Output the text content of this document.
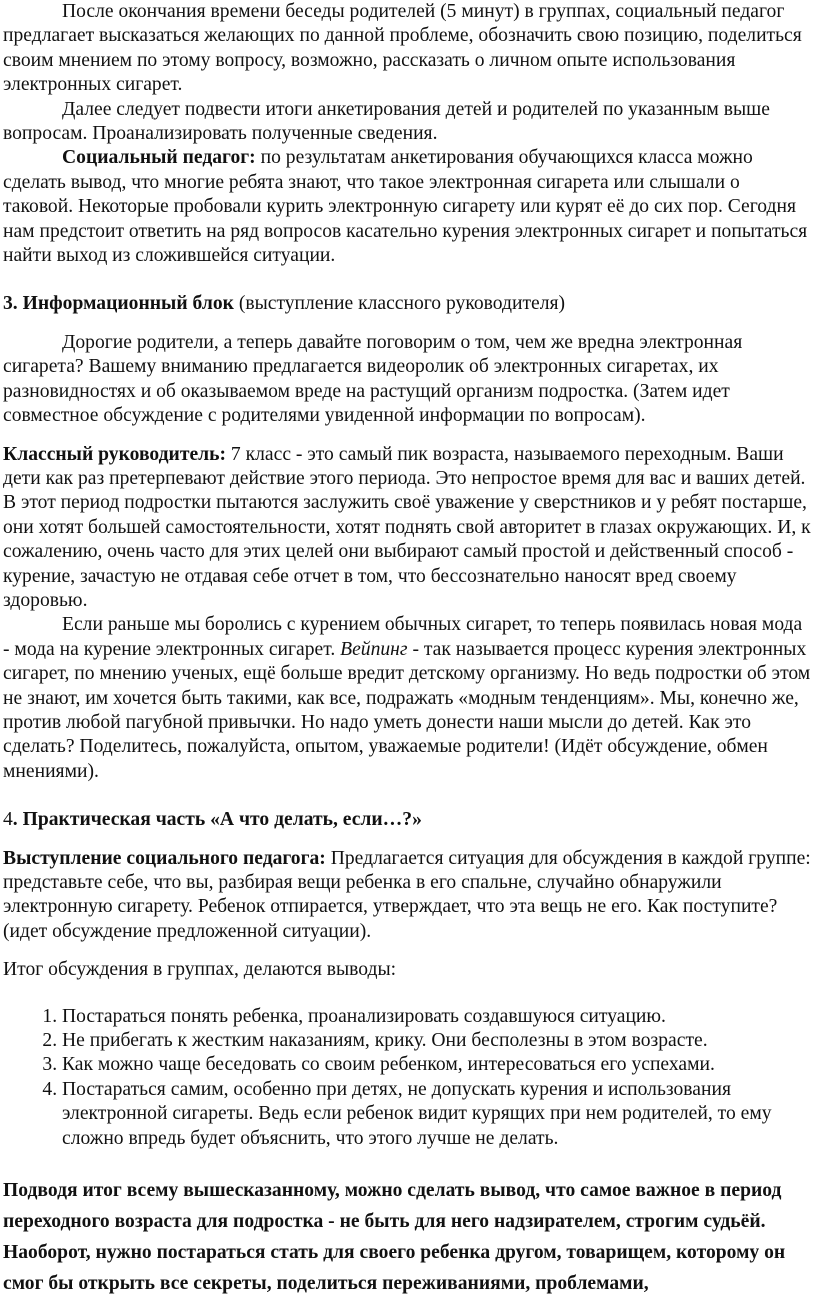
После окончания времени беседы родителей (5 минут) в группах, социальный педагог предлагает высказаться желающих по данной проблеме, обозначить свою позицию, поделиться своим мнением по этому вопросу, возможно, рассказать о личном опыте использования электронных сигарет.

Далее следует подвести итоги анкетирования детей и родителей по указанным выше вопросам. Проанализировать полученные сведения.

Социальный педагог: по результатам анкетирования обучающихся класса можно сделать вывод, что многие ребята знают, что такое электронная сигарета или слышали о таковой. Некоторые пробовали курить электронную сигарету или курят её до сих пор. Сегодня нам предстоит ответить на ряд вопросов касательно курения электронных сигарет и попытаться найти выход из сложившейся ситуации.

3. Информационный блок (выступление классного руководителя)

Дорогие родители, а теперь давайте поговорим о том, чем же вредна электронная сигарета? Вашему вниманию предлагается видеоролик об электронных сигаретах, их разновидностях и об оказываемом вреде на растущий организм подростка. (Затем идет совместное обсуждение с родителями увиденной информации по вопросам).

Классный руководитель: 7 класс - это самый пик возраста, называемого переходным. Ваши дети как раз претерпевают действие этого периода. Это непростое время для вас и ваших детей. В этот период подростки пытаются заслужить своё уважение у сверстников и у ребят постарше, они хотят большей самостоятельности, хотят поднять свой авторитет в глазах окружающих. И, к сожалению, очень часто для этих целей они выбирают самый простой и действенный способ - курение, зачастую не отдавая себе отчет в том, что бессознательно наносят вред своему здоровью.

Если раньше мы боролись с курением обычных сигарет, то теперь появилась новая мода - мода на курение электронных сигарет. Вейпинг - так называется процесс курения электронных сигарет, по мнению ученых, ещё больше вредит детскому организму. Но ведь подростки об этом не знают, им хочется быть такими, как все, подражать «модным тенденциям». Мы, конечно же, против любой пагубной привычки. Но надо уметь донести наши мысли до детей. Как это сделать? Поделитесь, пожалуйста, опытом, уважаемые родители! (Идёт обсуждение, обмен мнениями).

4. Практическая часть «А что делать, если…?»

Выступление социального педагога: Предлагается ситуация для обсуждения в каждой группе: представьте себе, что вы, разбирая вещи ребенка в его спальне, случайно обнаружили электронную сигарету. Ребенок отпирается, утверждает, что эта вещь не его. Как поступите? (идет обсуждение предложенной ситуации).

Итог обсуждения в группах, делаются выводы:

1. Постараться понять ребенка, проанализировать создавшуюся ситуацию.
2. Не прибегать к жестким наказаниям, крику. Они бесполезны в этом возрасте.
3. Как можно чаще беседовать со своим ребенком, интересоваться его успехами.
4. Постараться самим, особенно при детях, не допускать курения и использования электронной сигареты. Ведь если ребенок видит курящих при нем родителей, то ему сложно впредь будет объяснить, что этого лучше не делать.

Подводя итог всему вышесказанному, можно сделать вывод, что самое важное в период переходного возраста для подростка - не быть для него надзирателем, строгим судьёй. Наоборот, нужно постараться стать для своего ребенка другом, товарищем, которому он смог бы открыть все секреты, поделиться переживаниями, проблемами,
